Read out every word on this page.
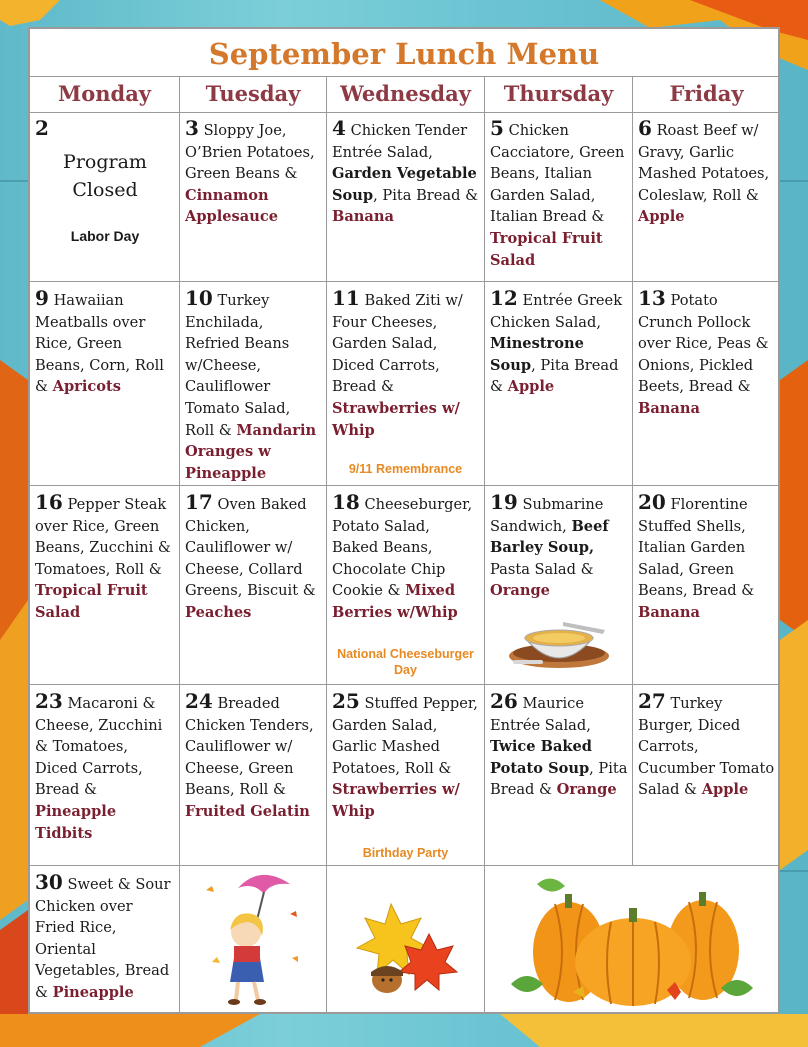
September Lunch Menu
Monday	Tuesday	Wednesday	Thursday	Friday
2
Program Closed
Labor Day
3 Sloppy Joe, O’Brien Potatoes, Green Beans & Cinnamon Applesauce
4 Chicken Tender Entrée Salad, Garden Vegetable Soup, Pita Bread & Banana
5 Chicken Cacciatore, Green Beans, Italian Garden Salad, Italian Bread & Tropical Fruit Salad
6 Roast Beef w/ Gravy, Garlic Mashed Potatoes, Coleslaw, Roll & Apple
9 Hawaiian Meatballs over Rice, Green Beans, Corn, Roll & Apricots
10 Turkey Enchilada, Refried Beans w/Cheese, Cauliflower Tomato Salad, Roll & Mandarin Oranges w Pineapple
11 Baked Ziti w/ Four Cheeses, Garden Salad, Diced Carrots, Bread & Strawberries w/ Whip
9/11 Remembrance
12 Entrée Greek Chicken Salad, Minestrone Soup, Pita Bread & Apple
13 Potato Crunch Pollock over Rice, Peas & Onions, Pickled Beets, Bread & Banana
16 Pepper Steak over Rice, Green Beans, Zucchini & Tomatoes, Roll & Tropical Fruit Salad
17 Oven Baked Chicken, Cauliflower w/ Cheese, Collard Greens, Biscuit & Peaches
18 Cheeseburger, Potato Salad, Baked Beans, Chocolate Chip Cookie & Mixed Berries w/Whip
National Cheeseburger Day
19 Submarine Sandwich, Beef Barley Soup, Pasta Salad & Orange
20 Florentine Stuffed Shells, Italian Garden Salad, Green Beans, Bread & Banana
23 Macaroni & Cheese, Zucchini & Tomatoes, Diced Carrots, Bread & Pineapple Tidbits
24 Breaded Chicken Tenders, Cauliflower w/ Cheese, Green Beans, Roll & Fruited Gelatin
25 Stuffed Pepper, Garden Salad, Garlic Mashed Potatoes, Roll & Strawberries w/ Whip
Birthday Party
26 Maurice Entrée Salad, Twice Baked Potato Soup, Pita Bread & Orange
27 Turkey Burger, Diced Carrots, Cucumber Tomato Salad & Apple
30 Sweet & Sour Chicken over Fried Rice, Oriental Vegetables, Bread & Pineapple
